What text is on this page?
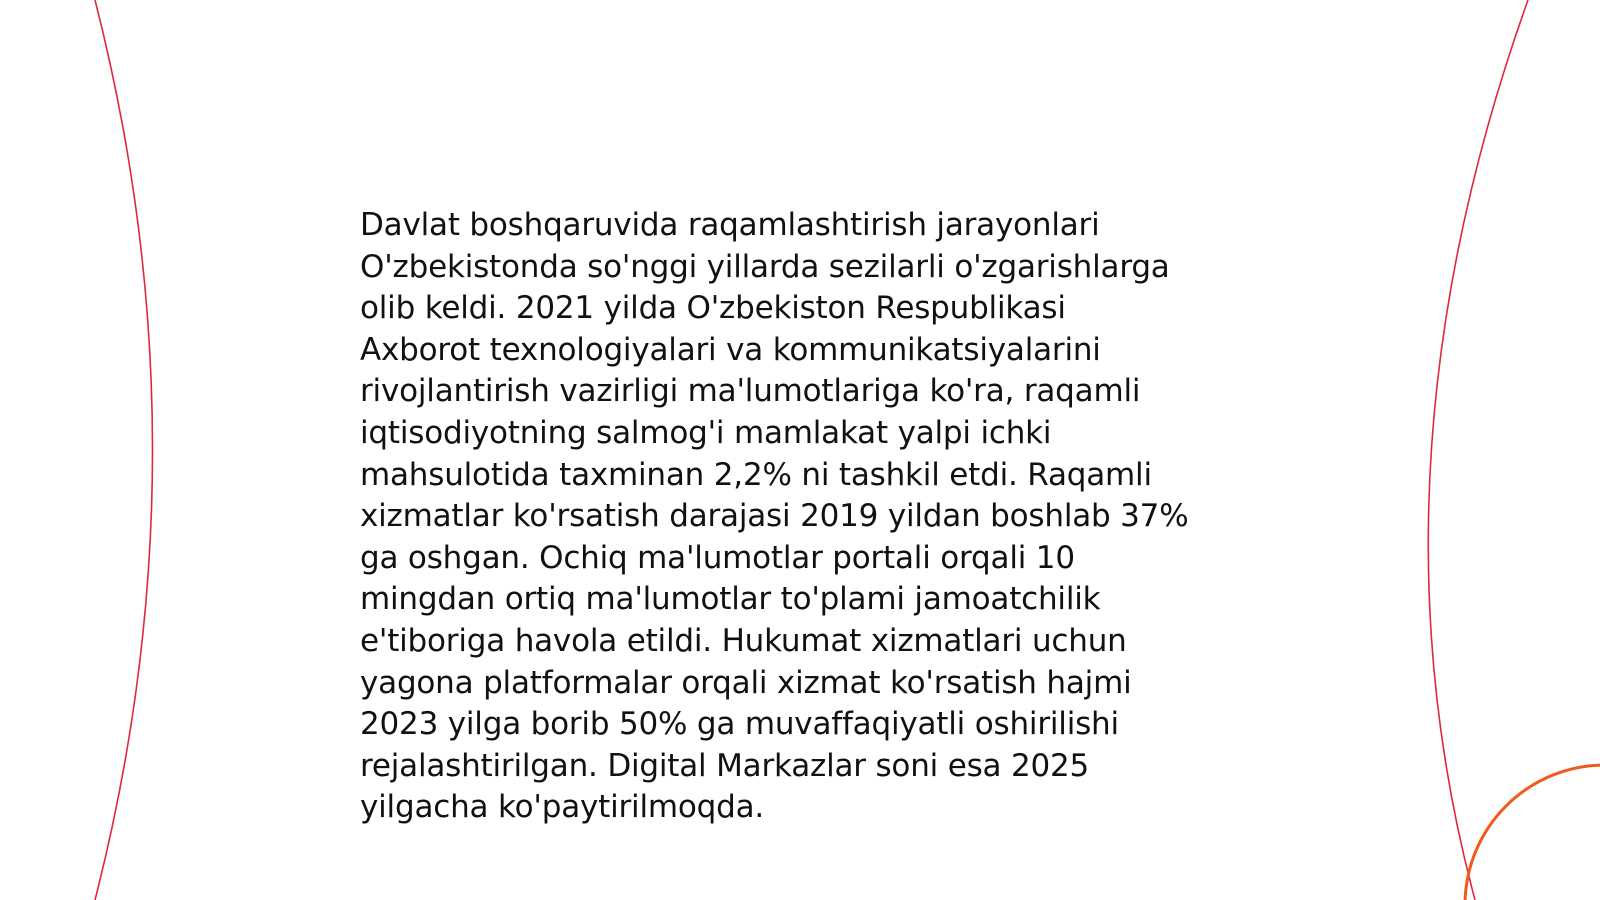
Davlat boshqaruvida raqamlashtirish jarayonlari
O'zbekistonda so'nggi yillarda sezilarli o'zgarishlarga
olib keldi. 2021 yilda O'zbekiston Respublikasi
Axborot texnologiyalari va kommunikatsiyalarini
rivojlantirish vazirligi ma'lumotlariga ko'ra, raqamli
iqtisodiyotning salmog'i mamlakat yalpi ichki
mahsulotida taxminan 2,2% ni tashkil etdi. Raqamli
xizmatlar ko'rsatish darajasi 2019 yildan boshlab 37%
ga oshgan. Ochiq ma'lumotlar portali orqali 10
mingdan ortiq ma'lumotlar to'plami jamoatchilik
e'tiboriga havola etildi. Hukumat xizmatlari uchun
yagona platformalar orqali xizmat ko'rsatish hajmi
2023 yilga borib 50% ga muvaffaqiyatli oshirilishi
rejalashtirilgan. Digital Markazlar soni esa 2025
yilgacha ko'paytirilmoqda.
